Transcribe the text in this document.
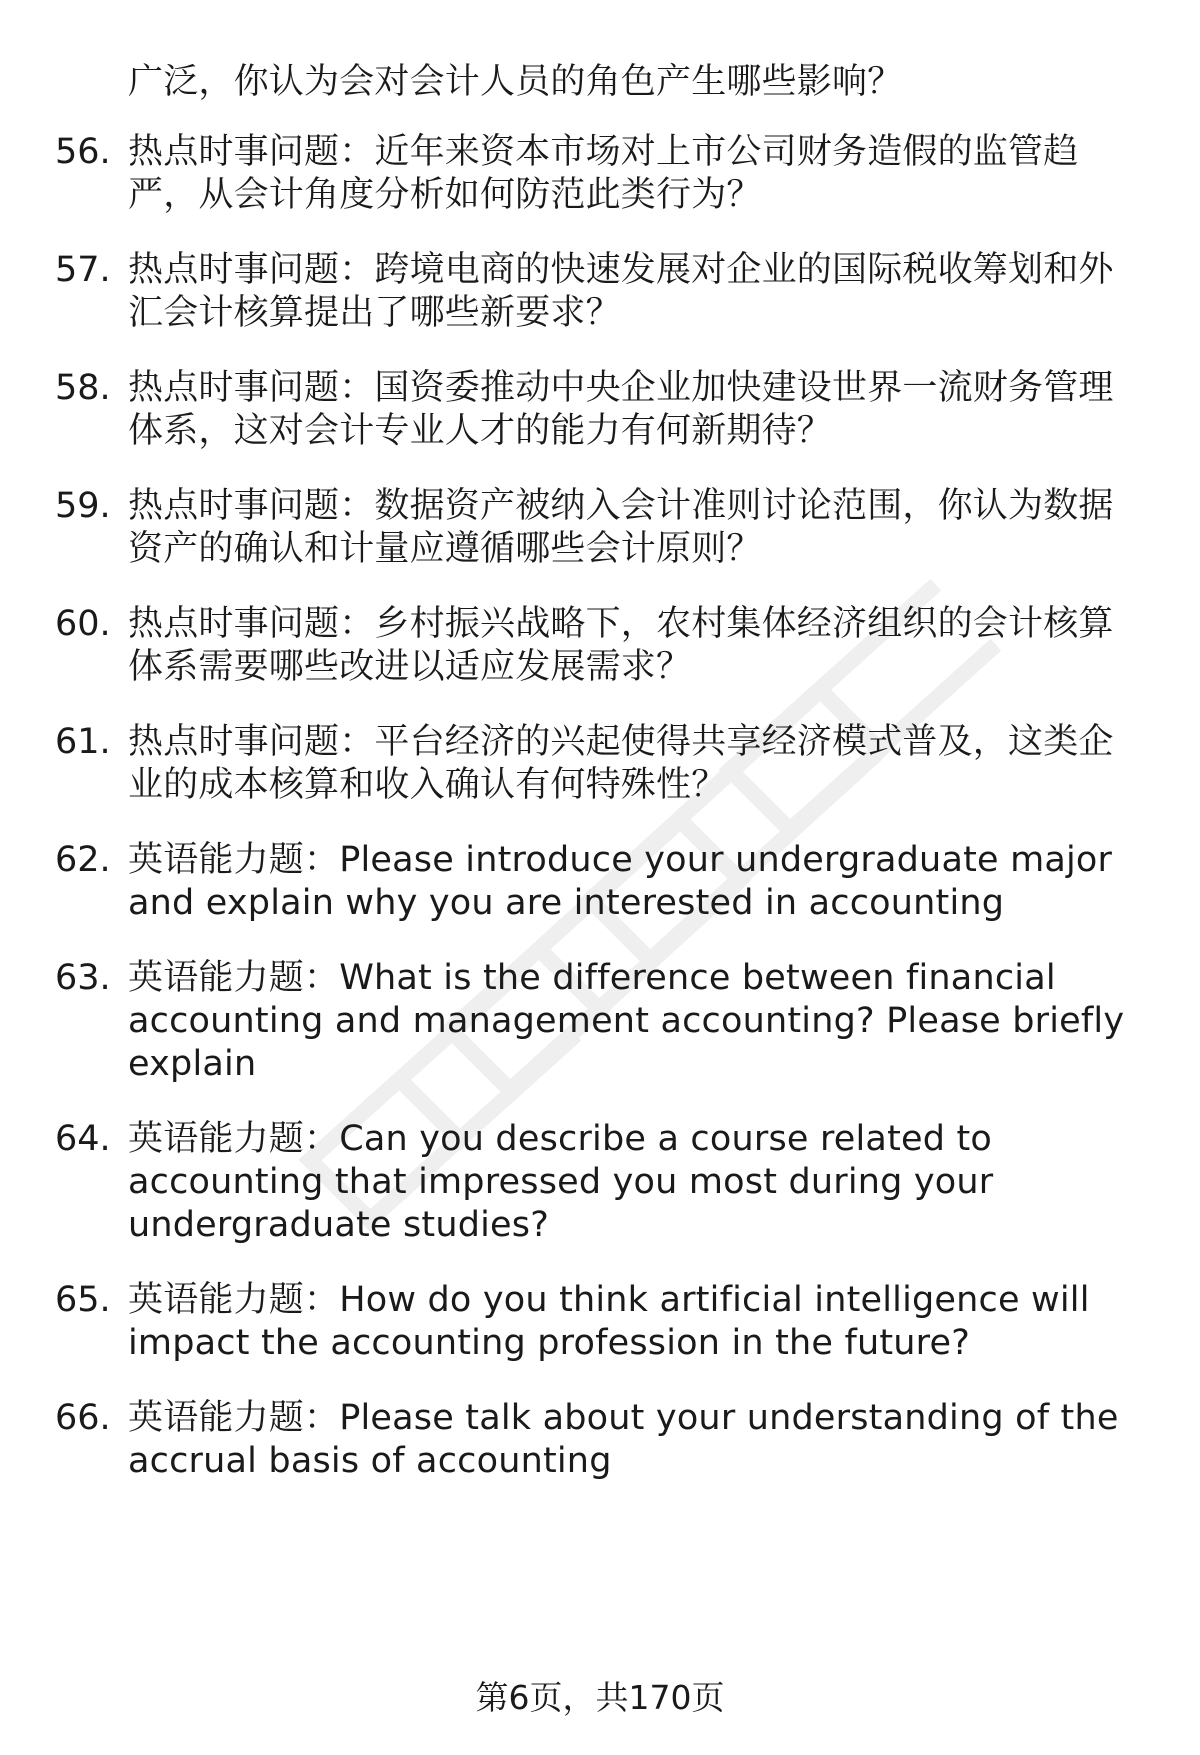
广泛，你认为会对会计人员的角色产生哪些影响？
56. 热点时事问题：近年来资本市场对上市公司财务造假的监管趋
严，从会计角度分析如何防范此类行为？
57. 热点时事问题：跨境电商的快速发展对企业的国际税收筹划和外
汇会计核算提出了哪些新要求？
58. 热点时事问题：国资委推动中央企业加快建设世界一流财务管理
体系，这对会计专业人才的能力有何新期待？
59. 热点时事问题：数据资产被纳入会计准则讨论范围，你认为数据
资产的确认和计量应遵循哪些会计原则？
60. 热点时事问题：乡村振兴战略下，农村集体经济组织的会计核算
体系需要哪些改进以适应发展需求？
61. 热点时事问题：平台经济的兴起使得共享经济模式普及，这类企
业的成本核算和收入确认有何特殊性？
62. 英语能力题：Please introduce your undergraduate major
and explain why you are interested in accounting
63. 英语能力题：What is the difference between financial
accounting and management accounting? Please briefly
explain
64. 英语能力题：Can you describe a course related to
accounting that impressed you most during your
undergraduate studies?
65. 英语能力题：How do you think artificial intelligence will
impact the accounting profession in the future?
66. 英语能力题：Please talk about your understanding of the
accrual basis of accounting
第6页，共170页
